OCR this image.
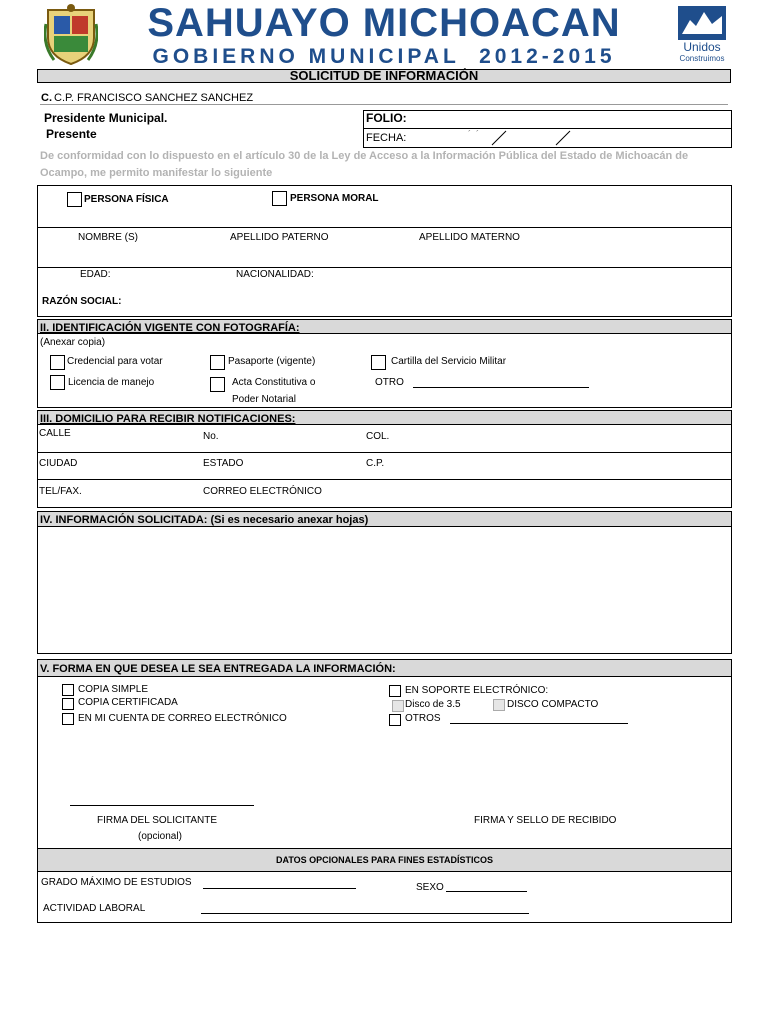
SAHUAYO MICHOACAN
GOBIERNO MUNICIPAL  2012-2015	Unidos
Construimos
SOLICITUD DE INFORMACIÓN
C. C.P. FRANCISCO SANCHEZ SANCHEZ
Presidente Municipal.
Presente
FOLIO:
FECHA:	´  ´
De conformidad con lo dispuesto en el artículo 30 de la Ley de Acceso a la Información Pública del Estado de Michoacán de
Ocampo, me permito manifestar lo siguiente
PERSONA FÍSICA	PERSONA MORAL
NOMBRE (S)	APELLIDO PATERNO	APELLIDO MATERNO
EDAD:	NACIONALIDAD:
RAZÓN SOCIAL:
II. IDENTIFICACIÓN VIGENTE CON FOTOGRAFÍA:
(Anexar copia)
Credencial para votar	Pasaporte (vigente)	Cartilla del Servicio Militar
Licencia de manejo	Acta Constitutiva o
Poder Notarial
OTRO
III. DOMICILIO PARA RECIBIR NOTIFICACIONES:
CALLE	No.	COL.
CIUDAD	ESTADO	C.P.
TEL/FAX.	CORREO ELECTRÓNICO
IV. INFORMACIÓN SOLICITADA: (Si es necesario anexar hojas)
V. FORMA EN QUE DESEA LE SEA ENTREGADA LA INFORMACIÓN:
COPIA SIMPLE
COPIA CERTIFICADA
EN MI CUENTA DE CORREO ELECTRÓNICO
EN SOPORTE ELECTRÓNICO:
Disco de 3.5	DISCO COMPACTO
OTROS
FIRMA DEL SOLICITANTE
(opcional)
FIRMA Y SELLO DE RECIBIDO
DATOS OPCIONALES PARA FINES ESTADÍSTICOS
GRADO MÁXIMO DE ESTUDIOS	SEXO
ACTIVIDAD LABORAL
